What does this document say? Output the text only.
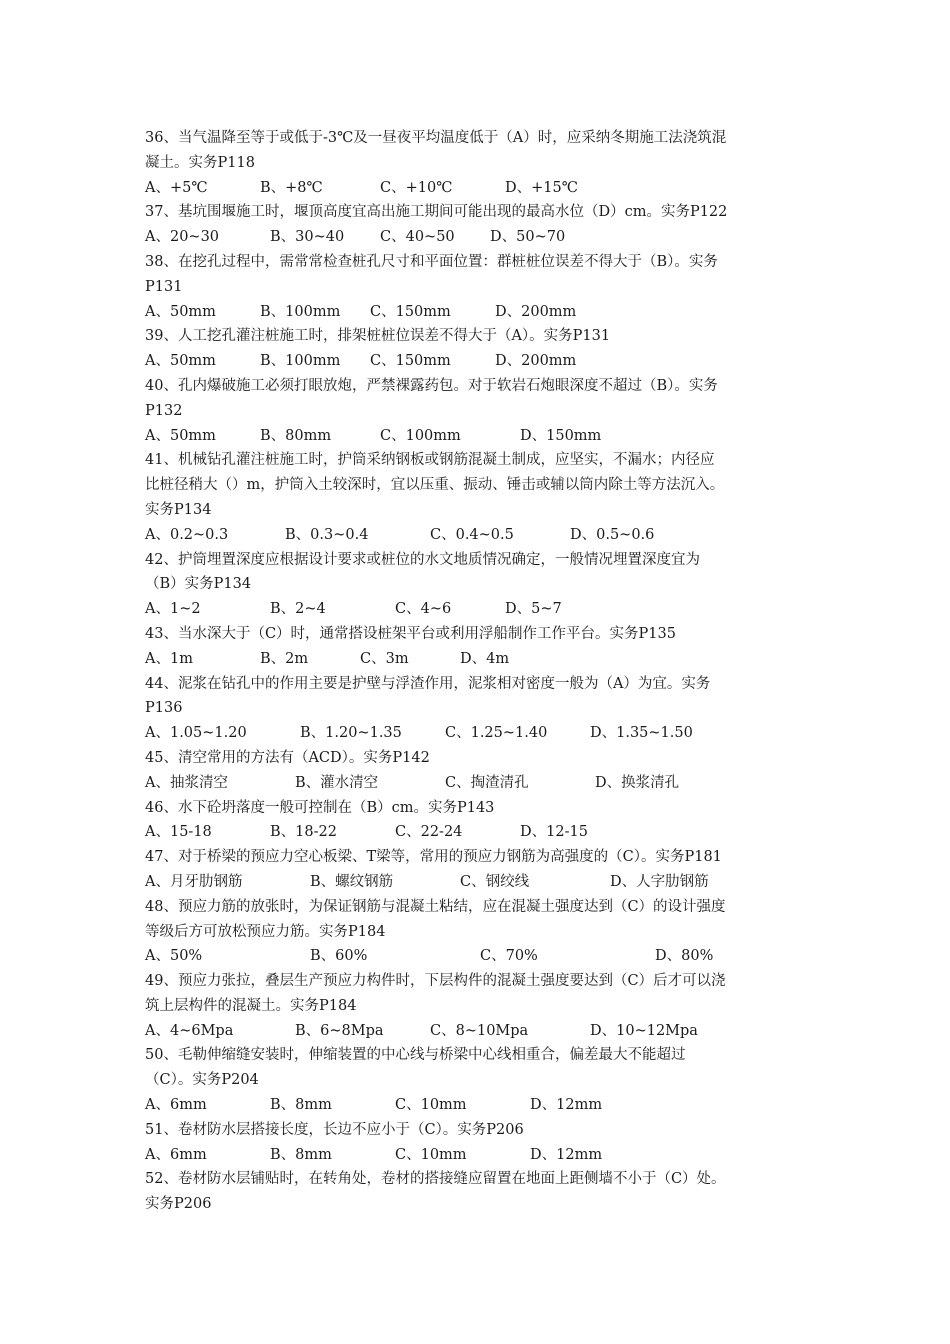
36、当气温降至等于或低于-3℃及一昼夜平均温度低于（A）时，应采纳冬期施工法浇筑混
凝土。实务P118
A、+5℃	B、+8℃	C、+10℃	D、+15℃
37、基坑围堰施工时，堰顶高度宜高出施工期间可能出现的最高水位（D）cm。实务P122
A、20~30	B、30~40 C、40~50 D、50~70
38、在挖孔过程中，需常常检查桩孔尺寸和平面位置：群桩桩位误差不得大于（B）。实务
P131
A、50mm	B、100mm C、150mm	D、200mm
39、人工挖孔灌注桩施工时，排架桩桩位误差不得大于（A）。实务P131
A、50mm	B、100mm C、150mm	D、200mm
40、孔内爆破施工必须打眼放炮，严禁裸露药包。对于软岩石炮眼深度不超过（B）。实务
P132
A、50mm	B、80mm	C、100mm	D、150mm
41、机械钻孔灌注桩施工时，护筒采纳钢板或钢筋混凝土制成，应坚实，不漏水；内径应
比桩径稍大（）m，护筒入土较深时，宜以压重、振动、锤击或辅以筒内除土等方法沉入。
实务P134
A、0.2~0.3	B、0.3~0.4	C、0.4~0.5	D、0.5~0.6
42、护筒埋置深度应根据设计要求或桩位的水文地质情况确定，一般情况埋置深度宜为
（B）实务P134
A、1~2	B、2~4	C、4~6	D、5~7
43、当水深大于（C）时，通常搭设桩架平台或利用浮船制作工作平台。实务P135
A、1m	B、2m	C、3m	D、4m
44、泥浆在钻孔中的作用主要是护壁与浮渣作用，泥浆相对密度一般为（A）为宜。实务
P136
A、1.05~1.20	B、1.20~1.35	C、1.25~1.40	D、1.35~1.50
45、清空常用的方法有（ACD）。实务P142
A、抽浆清空	B、灌水清空	C、掏渣清孔	D、换浆清孔
46、水下砼坍落度一般可控制在（B）cm。实务P143
A、15-18	B、18-22	C、22-24	D、12-15
47、对于桥梁的预应力空心板梁、T梁等，常用的预应力钢筋为高强度的（C）。实务P181
A、月牙肋钢筋	B、螺纹钢筋	C、钢绞线	D、人字肋钢筋
48、预应力筋的放张时，为保证钢筋与混凝土粘结，应在混凝土强度达到（C）的设计强度
等级后方可放松预应力筋。实务P184
A、50%	B、60%	C、70%	D、80%
49、预应力张拉，叠层生产预应力构件时，下层构件的混凝土强度要达到（C）后才可以浇
筑上层构件的混凝土。实务P184
A、4~6Mpa	B、6~8Mpa	C、8~10Mpa	D、10~12Mpa
50、毛勒伸缩缝安装时，伸缩装置的中心线与桥梁中心线相重合，偏差最大不能超过
（C）。实务P204
A、6mm	B、8mm	C、10mm	D、12mm
51、卷材防水层搭接长度，长边不应小于（C）。实务P206
A、6mm	B、8mm	C、10mm	D、12mm
52、卷材防水层铺贴时，在转角处，卷材的搭接缝应留置在地面上距侧墙不小于（C）处。
实务P206
